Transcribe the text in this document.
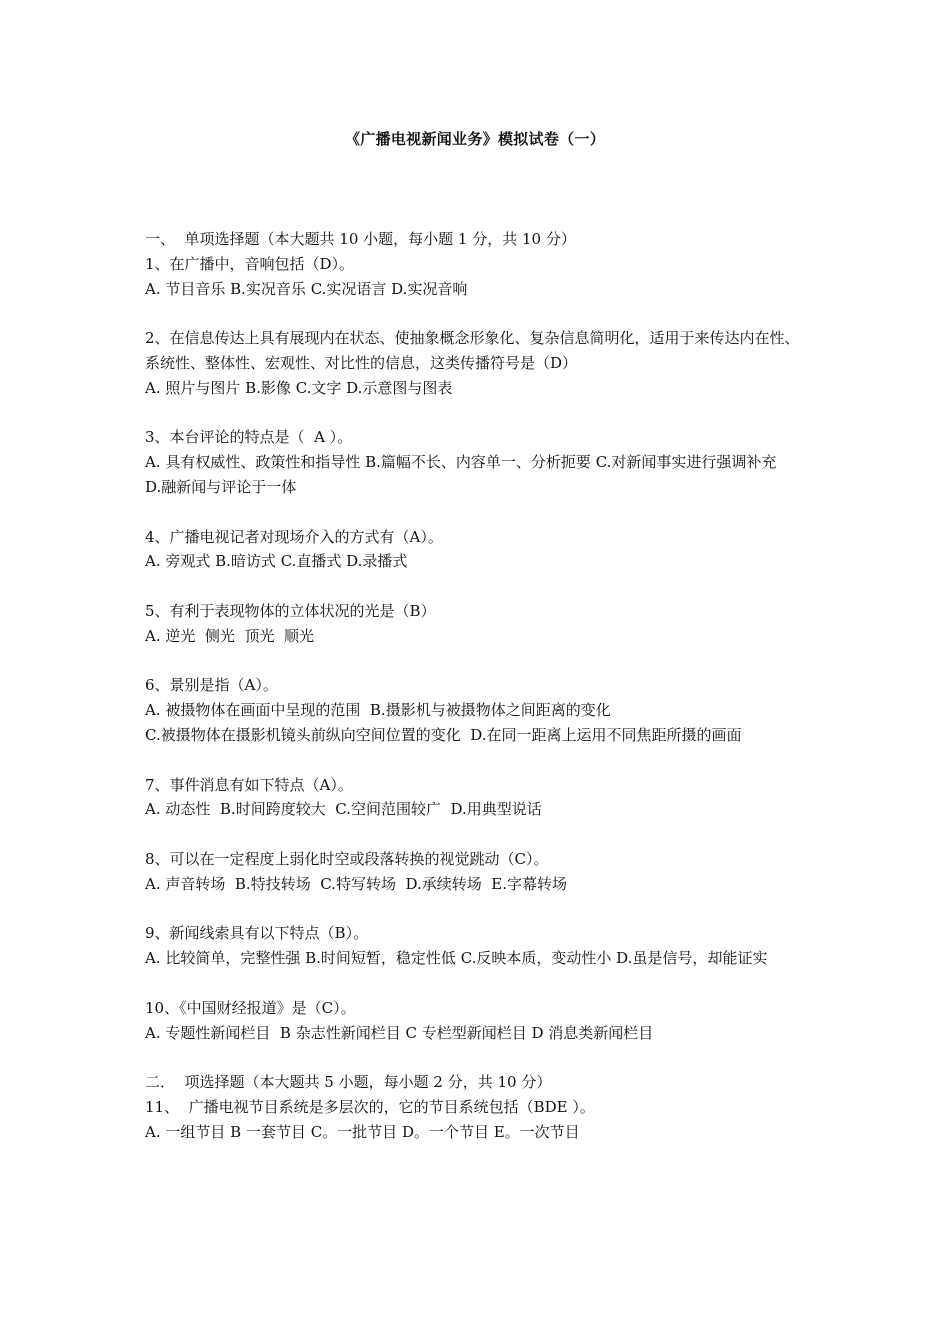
《广播电视新闻业务》模拟试卷（一）
一、  单项选择题（本大题共 10 小题，每小题 1 分，共 10 分）
1、在广播中，音响包括（D）。
A. 节目音乐 B.实况音乐 C.实况语言 D.实况音响
2、在信息传达上具有展现内在状态、使抽象概念形象化、复杂信息简明化，适用于来传达内在性、系统性、整体性、宏观性、对比性的信息，这类传播符号是（D）
A. 照片与图片 B.影像 C.文字 D.示意图与图表
3、本台评论的特点是（  A ）。
A. 具有权威性、政策性和指导性 B.篇幅不长、内容单一、分析扼要 C.对新闻事实进行强调补充
D.融新闻与评论于一体
4、广播电视记者对现场介入的方式有（A）。
A. 旁观式 B.暗访式 C.直播式 D.录播式
5、有利于表现物体的立体状况的光是（B）
A. 逆光  侧光  顶光  顺光
6、景别是指（A）。
A. 被摄物体在画面中呈现的范围  B.摄影机与被摄物体之间距离的变化
C.被摄物体在摄影机镜头前纵向空间位置的变化  D.在同一距离上运用不同焦距所摄的画面
7、事件消息有如下特点（A）。
A. 动态性  B.时间跨度较大  C.空间范围较广  D.用典型说话
8、可以在一定程度上弱化时空或段落转换的视觉跳动（C）。
A. 声音转场  B.特技转场  C.特写转场  D.承续转场  E.字幕转场
9、新闻线索具有以下特点（B）。
A. 比较简单，完整性强 B.时间短暂，稳定性低 C.反映本质，变动性小 D.虽是信号，却能证实
10、《中国财经报道》是（C）。
A. 专题性新闻栏目  B 杂志性新闻栏目 C 专栏型新闻栏目 D 消息类新闻栏目
二．  项选择题（本大题共 5 小题，每小题 2 分，共 10 分）
11、  广播电视节目系统是多层次的，它的节目系统包括（BDE ）。
A. 一组节目 B 一套节目 C。一批节目 D。一个节目 E。一次节目
